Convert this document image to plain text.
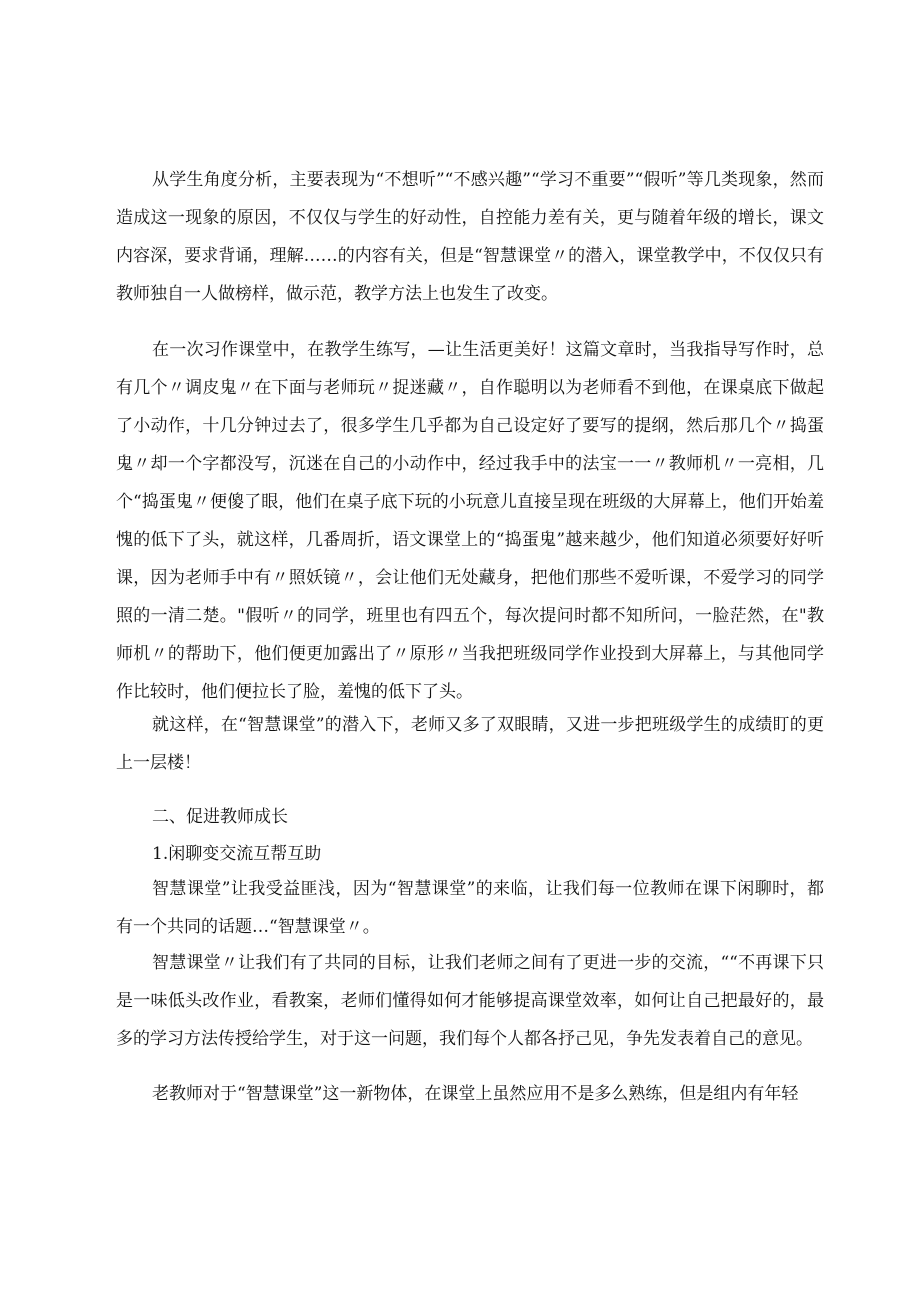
从学生角度分析，主要表现为“不想听”“不感兴趣”“学习不重要”“假听”等几类现象，然而造成这一现象的原因，不仅仅与学生的好动性，自控能力差有关，更与随着年级的增长，课文内容深，要求背诵，理解……的内容有关，但是“智慧课堂〃的潜入，课堂教学中，不仅仅只有教师独自一人做榜样，做示范，教学方法上也发生了改变。

在一次习作课堂中，在教学生练写，—让生活更美好！这篇文章时，当我指导写作时，总有几个〃调皮鬼〃在下面与老师玩〃捉迷藏〃，自作聪明以为老师看不到他，在课桌底下做起了小动作，十几分钟过去了，很多学生几乎都为自己设定好了要写的提纲，然后那几个〃捣蛋鬼〃却一个字都没写，沉迷在自己的小动作中，经过我手中的法宝一一〃教师机〃一亮相，几个“捣蛋鬼〃便傻了眼，他们在桌子底下玩的小玩意儿直接呈现在班级的大屏幕上，他们开始羞愧的低下了头，就这样，几番周折，语文课堂上的“捣蛋鬼”越来越少，他们知道必须要好好听课，因为老师手中有〃照妖镜〃，会让他们无处藏身，把他们那些不爱听课，不爱学习的同学照的一清二楚。"假听〃的同学，班里也有四五个，每次提问时都不知所问，一脸茫然，在"教师机〃的帮助下，他们便更加露出了〃原形〃当我把班级同学作业投到大屏幕上，与其他同学作比较时，他们便拉长了脸，羞愧的低下了头。

就这样，在“智慧课堂”的潜入下，老师又多了双眼睛，又进一步把班级学生的成绩盯的更上一层楼！

二、促进教师成长

1.闲聊变交流互帮互助

智慧课堂”让我受益匪浅，因为“智慧课堂”的来临，让我们每一位教师在课下闲聊时，都有一个共同的话题…“智慧课堂〃。

智慧课堂〃让我们有了共同的目标，让我们老师之间有了更进一步的交流，““不再课下只是一味低头改作业，看教案，老师们懂得如何才能够提高课堂效率，如何让自己把最好的，最多的学习方法传授给学生，对于这一问题，我们每个人都各抒己见，争先发表着自己的意见。

老教师对于“智慧课堂”这一新物体，在课堂上虽然应用不是多么熟练，但是组内有年轻
